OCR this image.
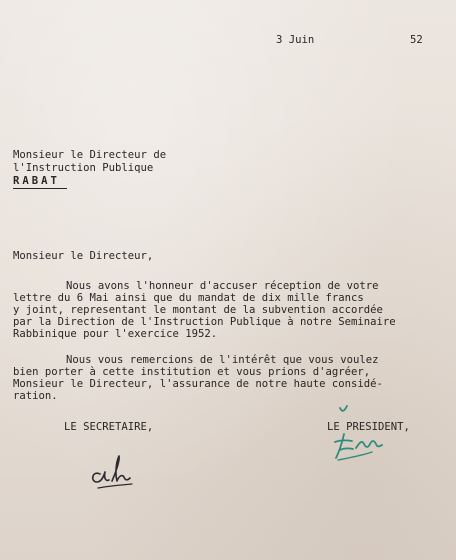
3 Juin	52

Monsieur le Directeur de

l'Instruction Publique

RABAT

Monsieur le Directeur,

Nous avons l'honneur d'accuser réception de votre

lettre du 6 Mai ainsi que du mandat de dix mille francs

y joint, representant le montant de la subvention accordée

par la Direction de l'Instruction Publique à notre Seminaire

Rabbinique pour l'exercice 1952.

Nous vous remercions de l'intérêt que vous voulez

bien porter à cette institution et vous prions d'agréer,

Monsieur le Directeur, l'assurance de notre haute considé-

ration.

LE SECRETAIRE,	LE PRESIDENT,
